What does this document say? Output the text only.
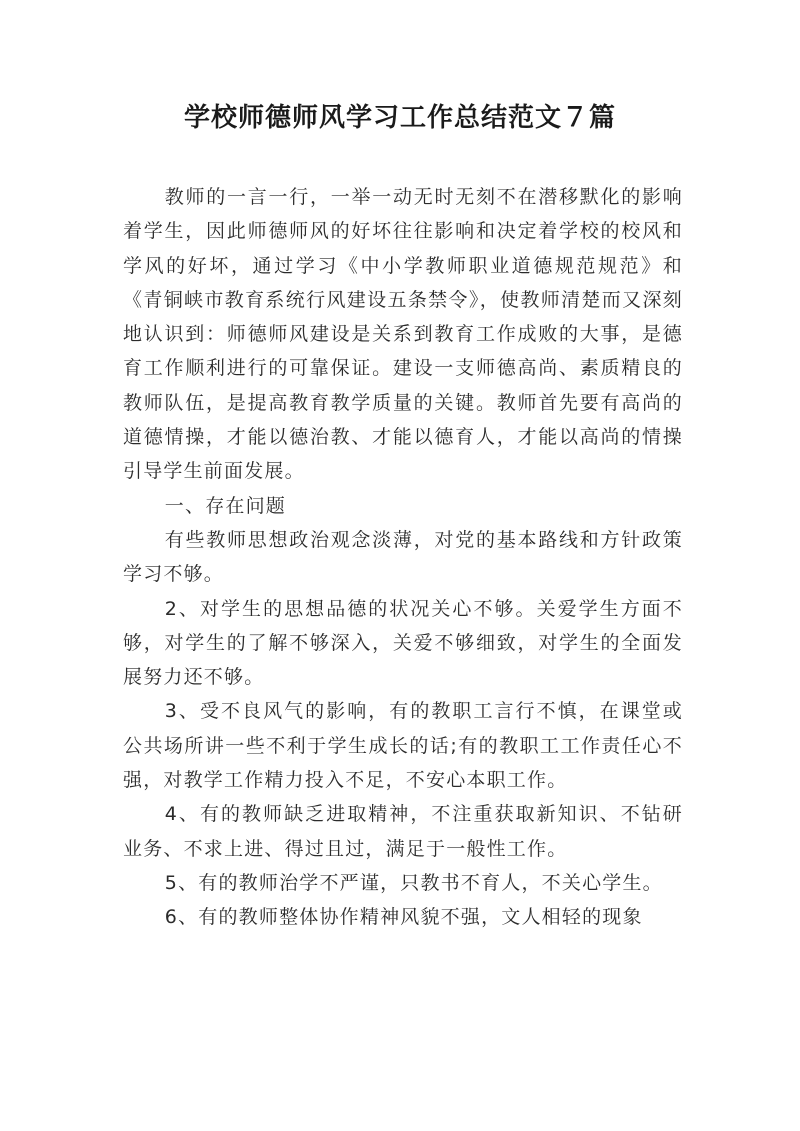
学校师德师风学习工作总结范文７篇

教师的一言一行，一举一动无时无刻不在潜移默化的影响着学生，因此师德师风的好坏往往影响和决定着学校的校风和学风的好坏，通过学习《中小学教师职业道德规范规范》和《青铜峡市教育系统行风建设五条禁令》，使教师清楚而又深刻地认识到：师德师风建设是关系到教育工作成败的大事，是德育工作顺利进行的可靠保证。建设一支师德高尚、素质精良的教师队伍，是提高教育教学质量的关键。教师首先要有高尚的道德情操，才能以德治教、才能以德育人，才能以高尚的情操引导学生前面发展。

一、存在问题

有些教师思想政治观念淡薄，对党的基本路线和方针政策学习不够。

2、对学生的思想品德的状况关心不够。关爱学生方面不够，对学生的了解不够深入，关爱不够细致，对学生的全面发展努力还不够。

3、受不良风气的影响，有的教职工言行不慎，在课堂或公共场所讲一些不利于学生成长的话;有的教职工工作责任心不强，对教学工作精力投入不足，不安心本职工作。

4、有的教师缺乏进取精神，不注重获取新知识、不钻研业务、不求上进、得过且过，满足于一般性工作。

5、有的教师治学不严谨，只教书不育人，不关心学生。

6、有的教师整体协作精神风貌不强，文人相轻的现象
